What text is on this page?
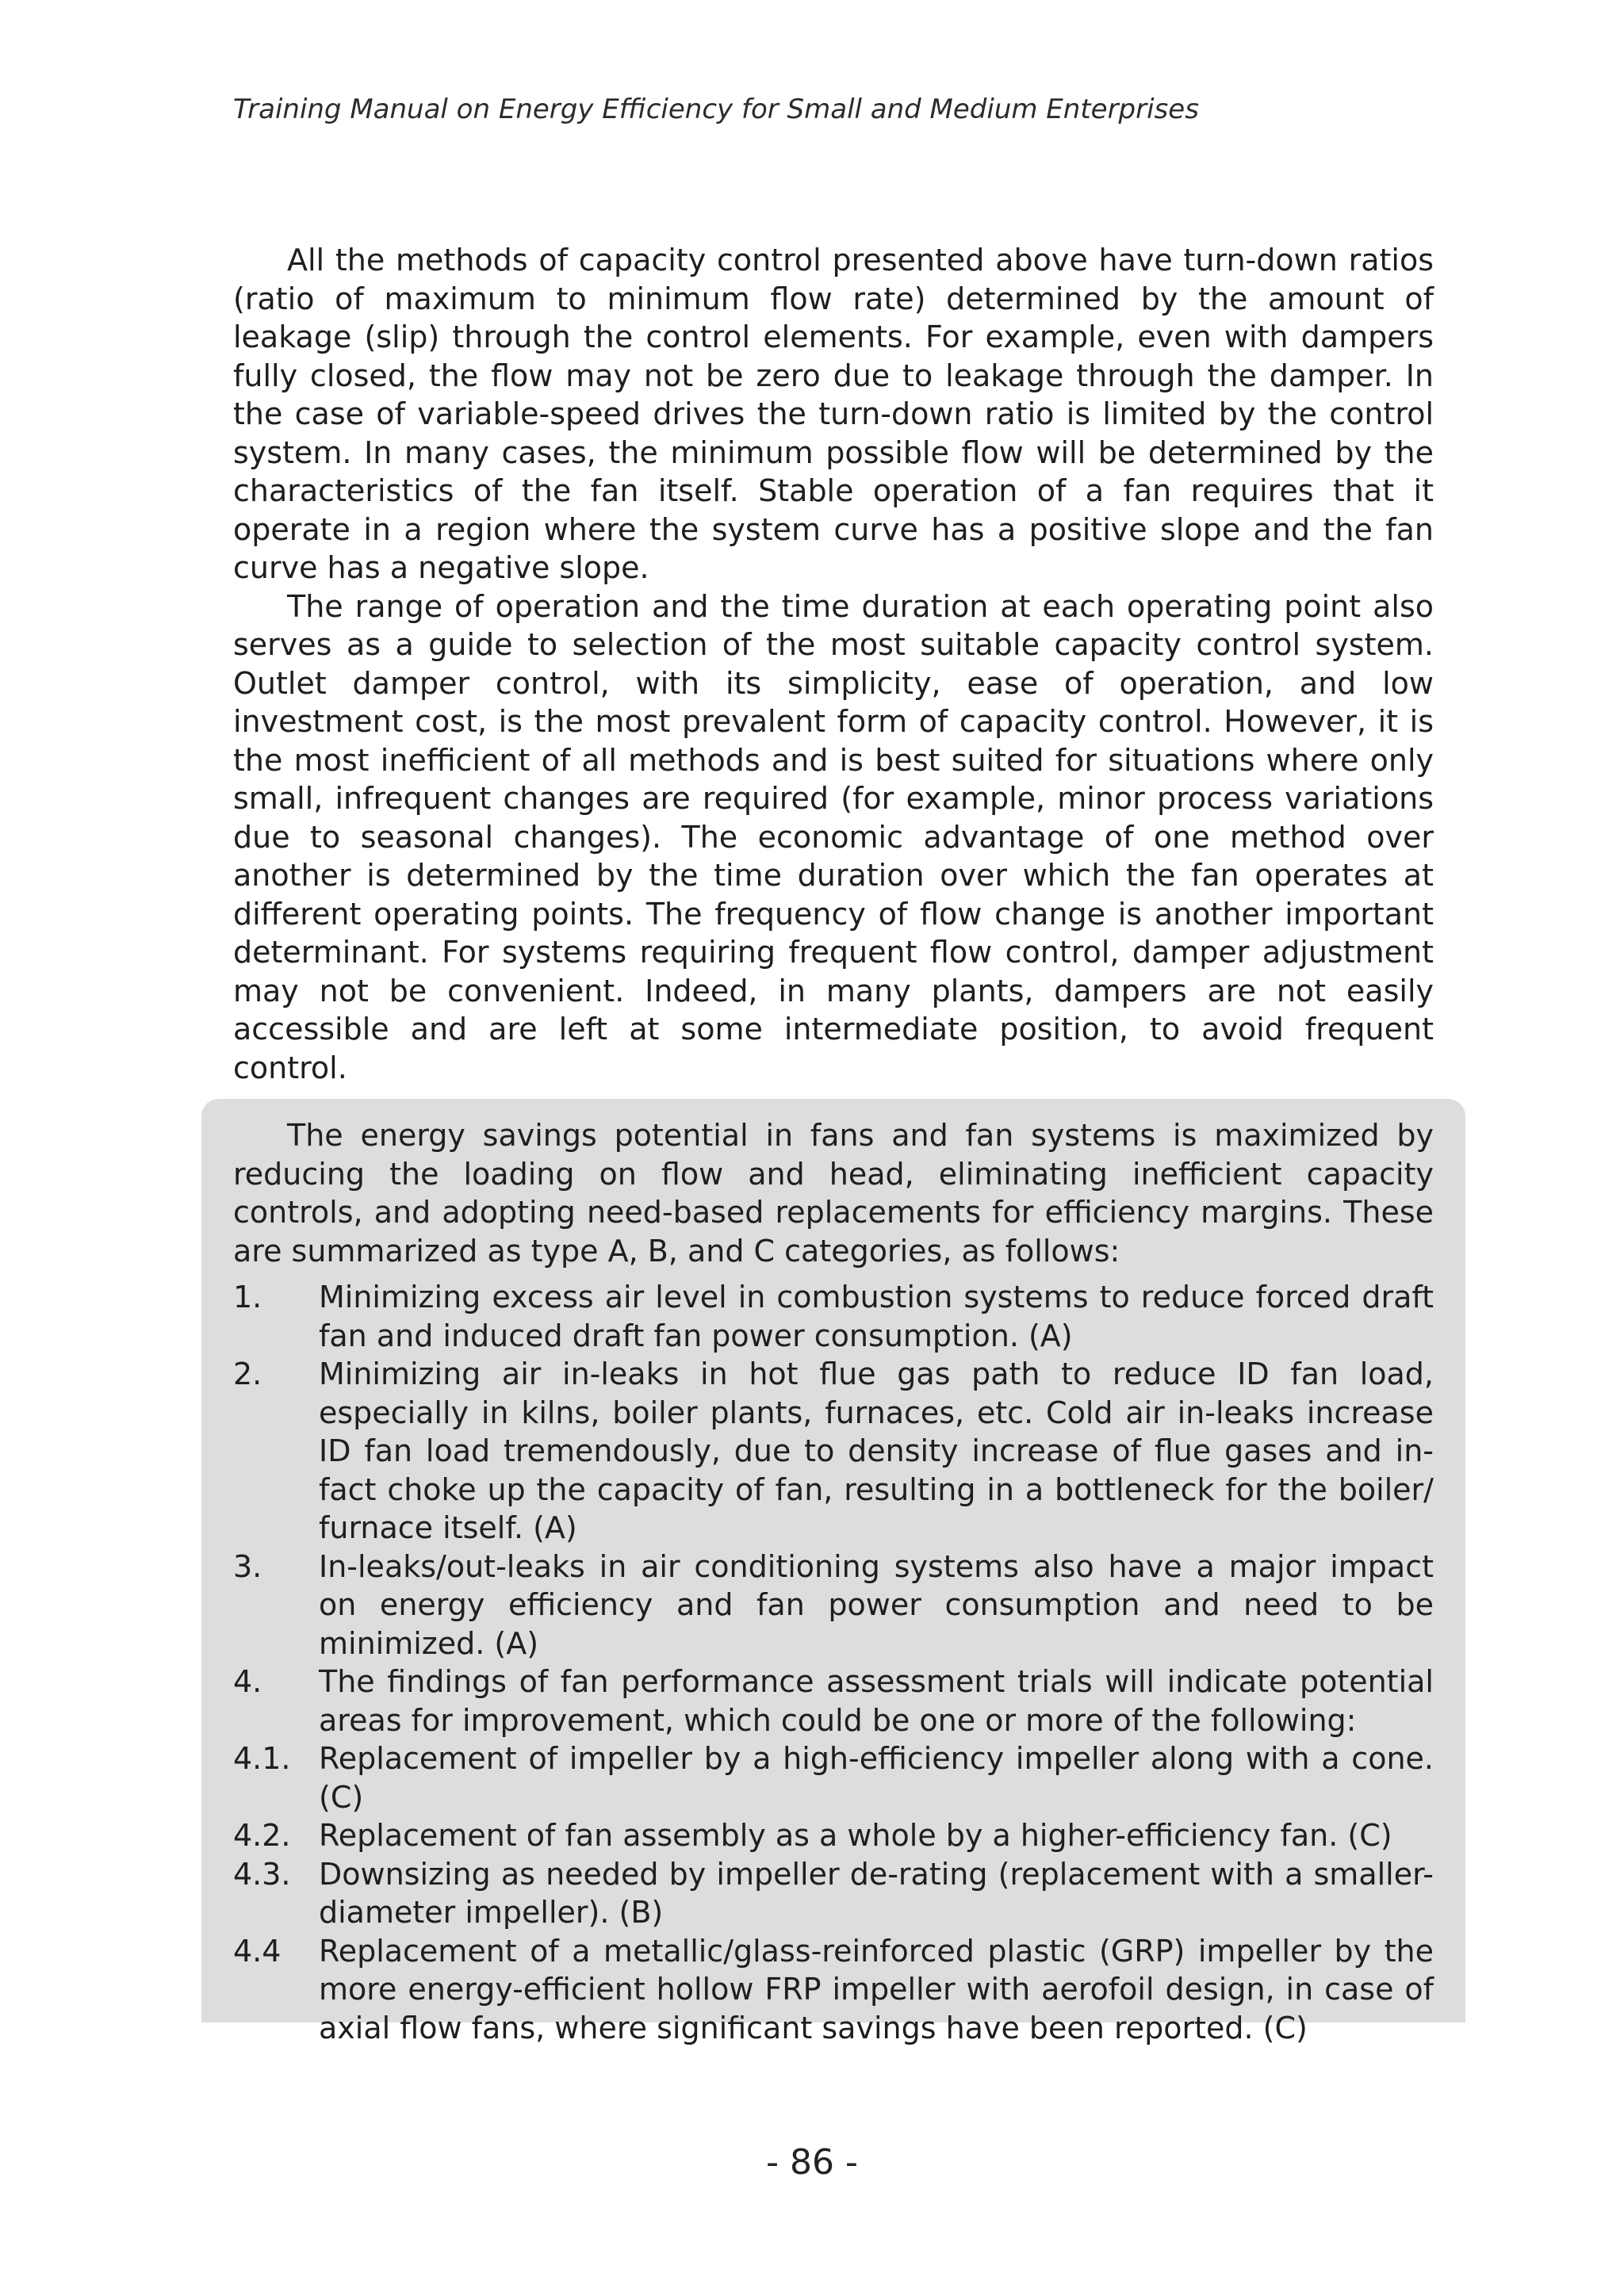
Training Manual on Energy Efficiency for Small and Medium Enterprises

All the methods of capacity control presented above have turn-down ratios (ratio of maximum to minimum flow rate) determined by the amount of leakage (slip) through the control elements. For example, even with dampers fully closed, the flow may not be zero due to leakage through the damper. In the case of variable-speed drives the turn-down ratio is limited by the control system. In many cases, the minimum possible flow will be determined by the characteristics of the fan itself. Stable operation of a fan requires that it operate in a region where the system curve has a positive slope and the fan curve has a negative slope.

The range of operation and the time duration at each operating point also serves as a guide to selection of the most suitable capacity control system. Outlet damper control, with its simplicity, ease of operation, and low investment cost, is the most prevalent form of capacity control. However, it is the most inefficient of all methods and is best suited for situations where only small, infrequent changes are required (for example, minor process variations due to seasonal changes). The economic advantage of one method over another is determined by the time duration over which the fan operates at different operating points. The frequency of flow change is another important determinant. For systems requiring frequent flow control, damper adjustment may not be convenient. Indeed, in many plants, dampers are not easily accessible and are left at some intermediate position, to avoid frequent control.

The energy savings potential in fans and fan systems is maximized by reducing the loading on flow and head, eliminating inefficient capacity controls, and adopting need-based replacements for efficiency margins. These are summarized as type A, B, and C categories, as follows:

1.	Minimizing excess air level in combustion systems to reduce forced draft fan and induced draft fan power consumption. (A)
2.	Minimizing air in-leaks in hot flue gas path to reduce ID fan load, especially in kilns, boiler plants, furnaces, etc. Cold air in-leaks increase ID fan load tremendously, due to density increase of flue gases and in-fact choke up the capacity of fan, resulting in a bottleneck for the boiler/ furnace itself. (A)
3.	In-leaks/out-leaks in air conditioning systems also have a major impact on energy efficiency and fan power consumption and need to be minimized. (A)
4.	The findings of fan performance assessment trials will indicate potential areas for improvement, which could be one or more of the following:
4.1. Replacement of impeller by a high-efficiency impeller along with a cone. (C)
4.2. Replacement of fan assembly as a whole by a higher-efficiency fan. (C)
4.3. Downsizing as needed by impeller de-rating (replacement with a smaller-diameter impeller). (B)
4.4	Replacement of a metallic/glass-reinforced plastic (GRP) impeller by the more energy-efficient hollow FRP impeller with aerofoil design, in case of axial flow fans, where significant savings have been reported. (C)
- 86 -
